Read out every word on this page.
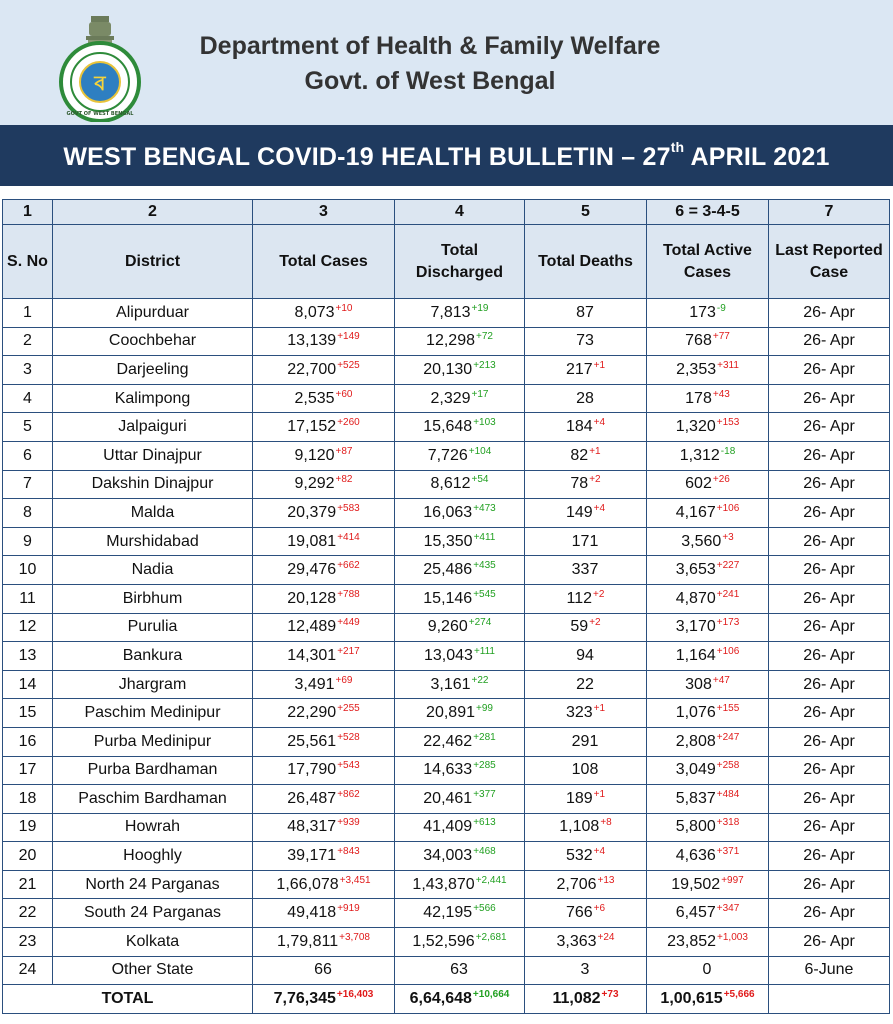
ব
GOVT OF WEST BENGAL
Department of Health & Family Welfare
Govt. of West Bengal
WEST BENGAL COVID-19 HEALTH BULLETIN – 27th APRIL 2021
1	2	3	4	5	6 = 3-4-5	7
S. No	District	Total Cases	Total Discharged	Total Deaths	Total Active Cases	Last Reported Case
1	Alipurduar	$8,073^{+10}$	$7,813^{+19}$	87	$173^{-9}$	26- Apr
2	Coochbehar	$13,139^{+149}$	$12,298^{+72}$	73	$768^{+77}$	26- Apr
3	Darjeeling	$22,700^{+525}$	$20,130^{+213}$	$217^{+1}$	$2,353^{+311}$	26- Apr
4	Kalimpong	$2,535^{+60}$	$2,329^{+17}$	28	$178^{+43}$	26- Apr
5	Jalpaiguri	$17,152^{+260}$	$15,648^{+103}$	$184^{+4}$	$1,320^{+153}$	26- Apr
6	Uttar Dinajpur	$9,120^{+87}$	$7,726^{+104}$	$82^{+1}$	$1,312^{-18}$	26- Apr
7	Dakshin Dinajpur	$9,292^{+82}$	$8,612^{+54}$	$78^{+2}$	$602^{+26}$	26- Apr
8	Malda	$20,379^{+583}$	$16,063^{+473}$	$149^{+4}$	$4,167^{+106}$	26- Apr
9	Murshidabad	$19,081^{+414}$	$15,350^{+411}$	171	$3,560^{+3}$	26- Apr
10	Nadia	$29,476^{+662}$	$25,486^{+435}$	337	$3,653^{+227}$	26- Apr
11	Birbhum	$20,128^{+788}$	$15,146^{+545}$	$112^{+2}$	$4,870^{+241}$	26- Apr
12	Purulia	$12,489^{+449}$	$9,260^{+274}$	$59^{+2}$	$3,170^{+173}$	26- Apr
13	Bankura	$14,301^{+217}$	$13,043^{+111}$	94	$1,164^{+106}$	26- Apr
14	Jhargram	$3,491^{+69}$	$3,161^{+22}$	22	$308^{+47}$	26- Apr
15	Paschim Medinipur	$22,290^{+255}$	$20,891^{+99}$	$323^{+1}$	$1,076^{+155}$	26- Apr
16	Purba Medinipur	$25,561^{+528}$	$22,462^{+281}$	291	$2,808^{+247}$	26- Apr
17	Purba Bardhaman	$17,790^{+543}$	$14,633^{+285}$	108	$3,049^{+258}$	26- Apr
18	Paschim Bardhaman	$26,487^{+862}$	$20,461^{+377}$	$189^{+1}$	$5,837^{+484}$	26- Apr
19	Howrah	$48,317^{+939}$	$41,409^{+613}$	$1,108^{+8}$	$5,800^{+318}$	26- Apr
20	Hooghly	$39,171^{+843}$	$34,003^{+468}$	$532^{+4}$	$4,636^{+371}$	26- Apr
21	North 24 Parganas	$1,66,078^{+3,451}$	$1,43,870^{+2,441}$	$2,706^{+13}$	$19,502^{+997}$	26- Apr
22	South 24 Parganas	$49,418^{+919}$	$42,195^{+566}$	$766^{+6}$	$6,457^{+347}$	26- Apr
23	Kolkata	$1,79,811^{+3,708}$	$1,52,596^{+2,681}$	$3,363^{+24}$	$23,852^{+1,003}$	26- Apr
24	Other State	66	63	3	0	6-June
TOTAL		$7,76,345^{+16,403}$	$6,64,648^{+10,664}$	$11,082^{+73}$	$1,00,615^{+5,666}$	
